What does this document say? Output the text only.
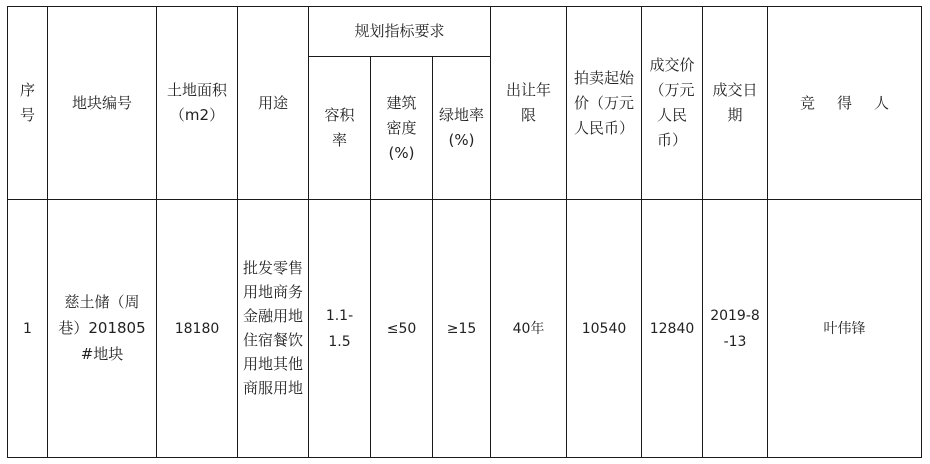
序号	地块编号	土地面积（m2）	用途	规划指标要求			出让年限	拍卖起始价（万元人民币）	成交价（万元人民币）	成交日期	竞得人
				容积率	建筑密度(%)	绿地率(%)					
1	慈土储（周巷）201805#地块	18180	批发零售用地商务金融用地住宿餐饮用地其他商服用地	1.1-1.5	≤50	≥15	40年	10540	12840	2019-8-13	叶伟锋
